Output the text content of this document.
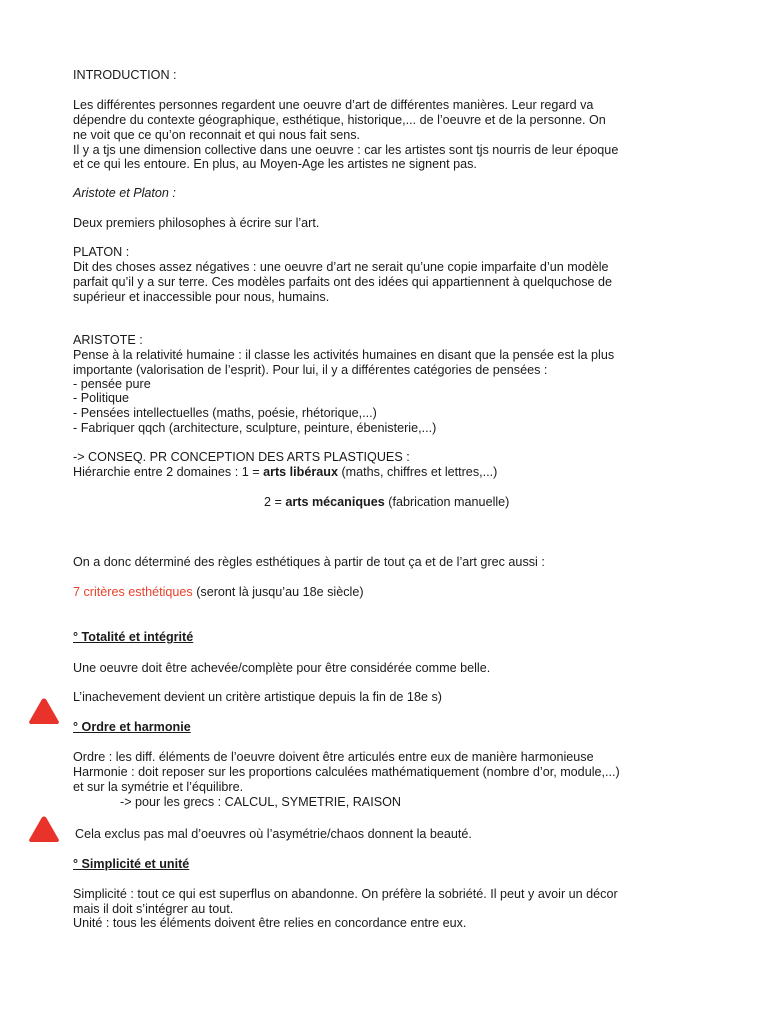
INTRODUCTION :
Les différentes personnes regardent une oeuvre d’art de différentes manières. Leur regard va
dépendre du contexte géographique, esthétique, historique,... de l’oeuvre et de la personne. On
ne voit que ce qu’on reconnait et qui nous fait sens.
Il y a tjs une dimension collective dans une oeuvre : car les artistes sont tjs nourris de leur époque
et ce qui les entoure. En plus, au Moyen-Age les artistes ne signent pas.
Aristote et Platon :
Deux premiers philosophes à écrire sur l’art.
PLATON :
Dit des choses assez négatives : une oeuvre d’art ne serait qu’une copie imparfaite d’un modèle
parfait qu’il y a sur terre. Ces modèles parfaits ont des idées qui appartiennent à quelquchose de
supérieur et inaccessible pour nous, humains.
ARISTOTE :
Pense à la relativité humaine : il classe les activités humaines en disant que la pensée est la plus
importante (valorisation de l’esprit). Pour lui, il y a différentes catégories de pensées :
- pensée pure
- Politique
- Pensées intellectuelles (maths, poésie, rhétorique,...)
- Fabriquer qqch (architecture, sculpture, peinture, ébenisterie,...)
-> CONSEQ. PR CONCEPTION DES ARTS PLASTIQUES :
Hiérarchie entre 2 domaines : 1 = arts libéraux (maths, chiffres et lettres,...)
2 = arts mécaniques (fabrication manuelle)
On a donc déterminé des règles esthétiques à partir de tout ça et de l’art grec aussi :
7 critères esthétiques (seront là jusqu’au 18e siècle)
° Totalité et intégrité
Une oeuvre doit être achevée/complète pour être considérée comme belle.
L’inachevement devient un critère artistique depuis la fin de 18e s)
° Ordre et harmonie
Ordre : les diff. éléments de l’oeuvre doivent être articulés entre eux de manière harmonieuse
Harmonie : doit reposer sur les proportions calculées mathématiquement (nombre d’or, module,...)
et sur la symétrie et l’équilibre.
-> pour les grecs : CALCUL, SYMETRIE, RAISON
Cela exclus pas mal d’oeuvres où l’asymétrie/chaos donnent la beauté.
° Simplicité et unité
Simplicité : tout ce qui est superflus on abandonne. On préfère la sobriété. Il peut y avoir un décor
mais il doit s’intégrer au tout.
Unité : tous les éléments doivent être relies en concordance entre eux.
